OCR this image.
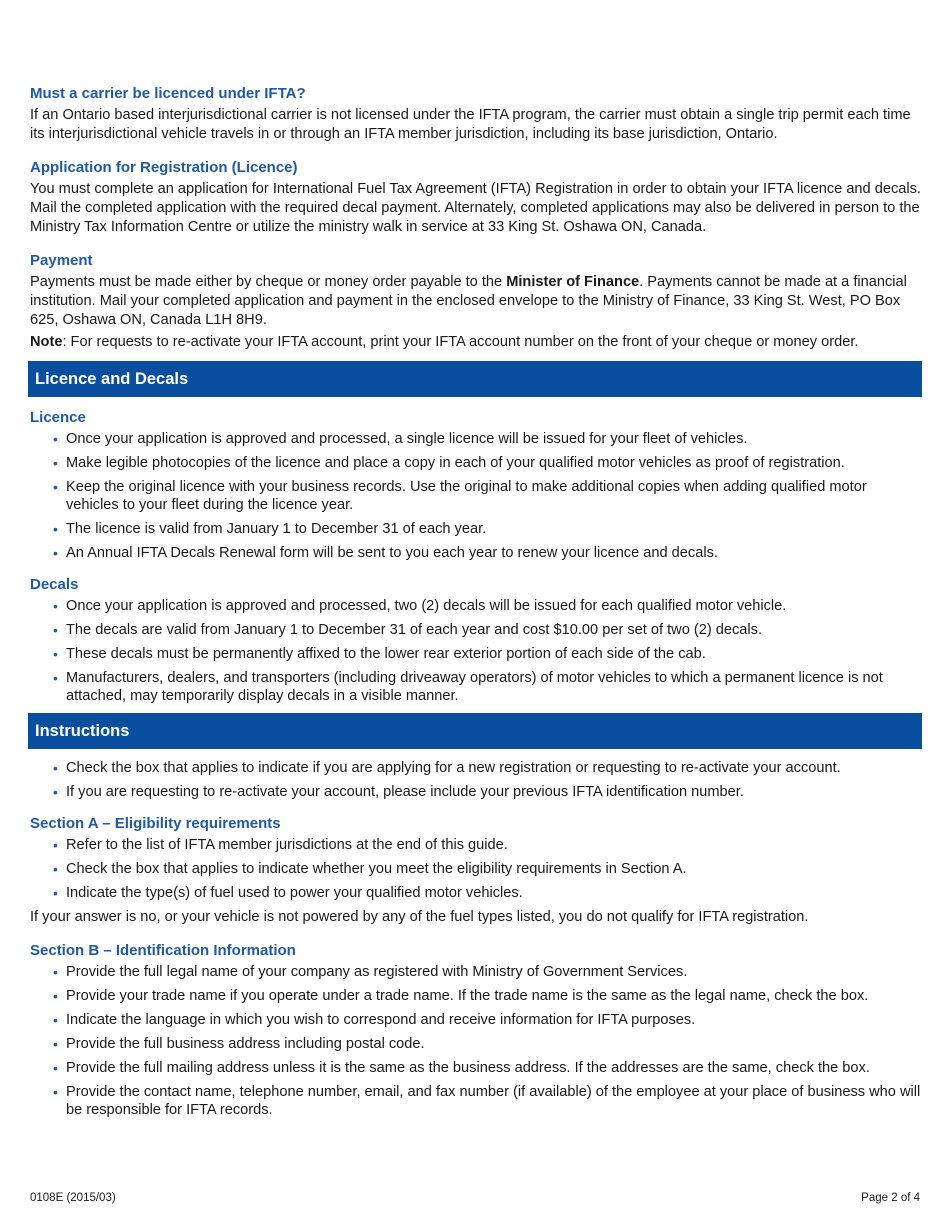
Must a carrier be licenced under IFTA?

If an Ontario based interjurisdictional carrier is not licensed under the IFTA program, the carrier must obtain a single trip permit each time its interjurisdictional vehicle travels in or through an IFTA member jurisdiction, including its base jurisdiction, Ontario.

Application for Registration (Licence)

You must complete an application for International Fuel Tax Agreement (IFTA) Registration in order to obtain your IFTA licence and decals. Mail the completed application with the required decal payment. Alternately, completed applications may also be delivered in person to the Ministry Tax Information Centre or utilize the ministry walk in service at 33 King St. Oshawa ON, Canada.

Payment

Payments must be made either by cheque or money order payable to the Minister of Finance. Payments cannot be made at a financial institution. Mail your completed application and payment in the enclosed envelope to the Ministry of Finance, 33 King St. West, PO Box 625, Oshawa ON, Canada L1H 8H9.

Note: For requests to re-activate your IFTA account, print your IFTA account number on the front of your cheque or money order.

Licence and Decals
Licence
• Once your application is approved and processed, a single licence will be issued for your fleet of vehicles.
• Make legible photocopies of the licence and place a copy in each of your qualified motor vehicles as proof of registration.
• Keep the original licence with your business records. Use the original to make additional copies when adding qualified motor vehicles to your fleet during the licence year.
• The licence is valid from January 1 to December 31 of each year.
• An Annual IFTA Decals Renewal form will be sent to you each year to renew your licence and decals.
Decals
• Once your application is approved and processed, two (2) decals will be issued for each qualified motor vehicle.
• The decals are valid from January 1 to December 31 of each year and cost $10.00 per set of two (2) decals.
• These decals must be permanently affixed to the lower rear exterior portion of each side of the cab.
• Manufacturers, dealers, and transporters (including driveaway operators) of motor vehicles to which a permanent licence is not attached, may temporarily display decals in a visible manner.
Instructions
• Check the box that applies to indicate if you are applying for a new registration or requesting to re-activate your account.
• If you are requesting to re-activate your account, please include your previous IFTA identification number.
Section A – Eligibility requirements
• Refer to the list of IFTA member jurisdictions at the end of this guide.
• Check the box that applies to indicate whether you meet the eligibility requirements in Section A.
• Indicate the type(s) of fuel used to power your qualified motor vehicles.

If your answer is no, or your vehicle is not powered by any of the fuel types listed, you do not qualify for IFTA registration.

Section B – Identification Information
• Provide the full legal name of your company as registered with Ministry of Government Services.
• Provide your trade name if you operate under a trade name. If the trade name is the same as the legal name, check the box.
• Indicate the language in which you wish to correspond and receive information for IFTA purposes.
• Provide the full business address including postal code.
• Provide the full mailing address unless it is the same as the business address. If the addresses are the same, check the box.
• Provide the contact name, telephone number, email, and fax number (if available) of the employee at your place of business who will be responsible for IFTA records.
0108E (2015/03)	Page 2 of 4
